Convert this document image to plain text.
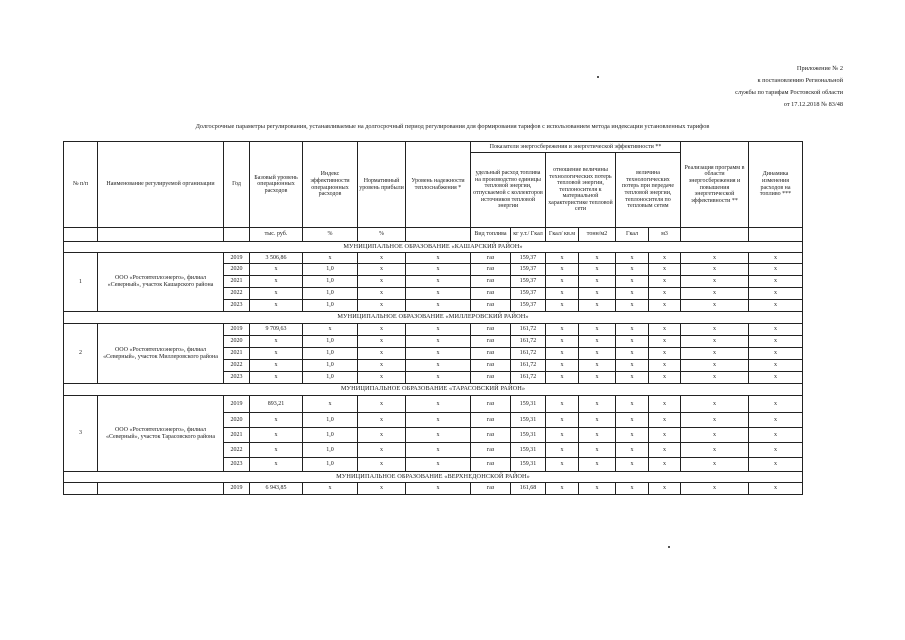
Приложение № 2
к постановлению Региональной
службы по тарифам Ростовской области
от 17.12.2018 № 83/48
Долгосрочные параметры регулирования, устанавливаемые на долгосрочный период регулирования для формирования тарифов с использованием метода индексации установленных тарифов
№ п/п	Наименование регулируемой организации	Год	Базовый уровень операционных расходов	Индекс эффективности операционных расходов	Нормативный уровень прибыли	Уровень надежности теплоснабжения *	Показатели энергосбережения и энергетической эффективности **						Реализация программ в области энергосбережения и повышения энергетической эффективности **	Динамика изменения расходов на топливо ***
							удельный расход топлива на производство единицы тепловой энергии, отпускаемой с коллекторов источников тепловой энергии		отношение величины технологических потерь тепловой энергии, теплоносителя к материальной характеристике тепловой сети		величина технологических потерь при передаче тепловой энергии, теплоносителя по тепловым сетям			
			тыс. руб.	%	%		Вид топлива	кг у.т./ Гкал	Гкал/ кв.м	тонн/м2	Гкал	м3		
МУНИЦИПАЛЬНОЕ ОБРАЗОВАНИЕ «КАШАРСКИЙ РАЙОН»														
1	ООО «Ростовтеплоэнерго», филиал «Северный», участок Кашарского района	2019	3 506,86	х	х	х	газ	159,37	х	х	х	х	х	х
		2020	х	1,0	х	х	газ	159,37	х	х	х	х	х	х
		2021	х	1,0	х	х	газ	159,37	х	х	х	х	х	х
		2022	х	1,0	х	х	газ	159,37	х	х	х	х	х	х
		2023	х	1,0	х	х	газ	159,37	х	х	х	х	х	х
МУНИЦИПАЛЬНОЕ ОБРАЗОВАНИЕ «МИЛЛЕРОВСКИЙ РАЙОН»														
2	ООО «Ростовтеплоэнерго», филиал «Северный», участок Миллеровского района	2019	9 709,63	х	х	х	газ	161,72	х	х	х	х	х	х
		2020	х	1,0	х	х	газ	161,72	х	х	х	х	х	х
		2021	х	1,0	х	х	газ	161,72	х	х	х	х	х	х
		2022	х	1,0	х	х	газ	161,72	х	х	х	х	х	х
		2023	х	1,0	х	х	газ	161,72	х	х	х	х	х	х
МУНИЦИПАЛЬНОЕ ОБРАЗОВАНИЕ «ТАРАСОВСКИЙ РАЙОН»														
3	ООО «Ростовтеплоэнерго», филиал «Северный», участок Тарасовского района	2019	893,21	х	х	х	газ	159,31	х	х	х	х	х	х
		2020	х	1,0	х	х	газ	159,31	х	х	х	х	х	х
		2021	х	1,0	х	х	газ	159,31	х	х	х	х	х	х
		2022	х	1,0	х	х	газ	159,31	х	х	х	х	х	х
		2023	х	1,0	х	х	газ	159,31	х	х	х	х	х	х
МУНИЦИПАЛЬНОЕ ОБРАЗОВАНИЕ «ВЕРХНЕДОНСКОЙ РАЙОН»														
		2019	6 943,85	х	х	х	газ	161,68	х	х	х	х	х	х
